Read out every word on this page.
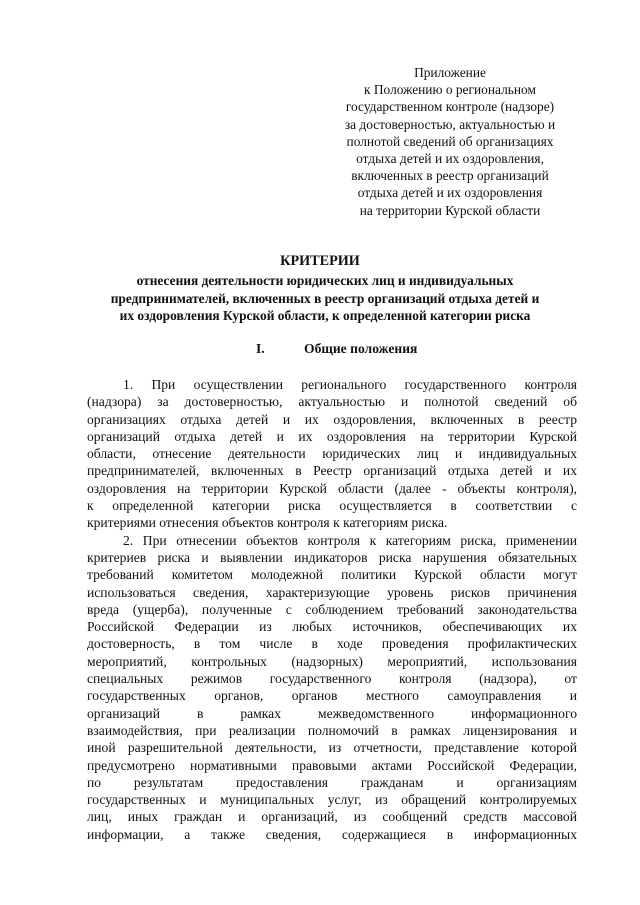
Приложение
к Положению о региональном
государственном контроле (надзоре)
за достоверностью, актуальностью и
полнотой сведений об организациях
отдыха детей и их оздоровления,
включенных в реестр организаций
отдыха детей и их оздоровления
на территории Курской области
КРИТЕРИИ
отнесения деятельности юридических лиц и индивидуальных
предпринимателей, включенных в реестр организаций отдыха детей и
их оздоровления Курской области, к определенной категории риска
I.	Общие положения
1. При осуществлении регионального государственного контроля
(надзора) за достоверностью, актуальностью и полнотой сведений об
организациях отдыха детей и их оздоровления, включенных в реестр
организаций отдыха детей и их оздоровления на территории Курской
области, отнесение деятельности юридических лиц и индивидуальных
предпринимателей, включенных в Реестр организаций отдыха детей и их
оздоровления на территории Курской области (далее - объекты контроля),
к определенной категории риска осуществляется в соответствии с
критериями отнесения объектов контроля к категориям риска.
2. При отнесении объектов контроля к категориям риска, применении
критериев риска и выявлении индикаторов риска нарушения обязательных
требований комитетом молодежной политики Курской области могут
использоваться сведения, характеризующие уровень рисков причинения
вреда (ущерба), полученные с соблюдением требований законодательства
Российской Федерации из любых источников, обеспечивающих их
достоверность, в том числе в ходе проведения профилактических
мероприятий, контрольных (надзорных) мероприятий, использования
специальных режимов государственного контроля (надзора), от
государственных органов, органов местного самоуправления и
организаций в рамках межведомственного информационного
взаимодействия, при реализации полномочий в рамках лицензирования и
иной разрешительной деятельности, из отчетности, представление которой
предусмотрено нормативными правовыми актами Российской Федерации,
по результатам предоставления гражданам и организациям
государственных и муниципальных услуг, из обращений контролируемых
лиц, иных граждан и организаций, из сообщений средств массовой
информации, а также сведения, содержащиеся в информационных
